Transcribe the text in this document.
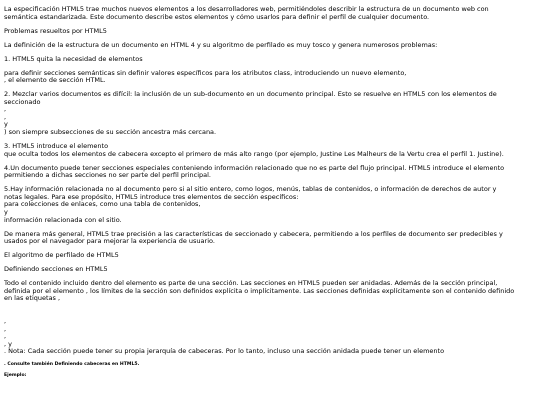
La especificación HTML5 trae muchos nuevos elementos a los desarrolladores web, permitiéndoles describir la estructura de un documento web con
semántica estandarizada. Este documento describe estos elementos y cómo usarlos para definir el perfil de cualquier documento.

Problemas resueltos por HTML5

La definición de la estructura de un documento en HTML 4 y su algoritmo de perfilado es muy tosco y genera numerosos problemas:

1. HTML5 quita la necesidad de elementos

para definir secciones semánticas sin definir valores específicos para los atributos class, introduciendo un nuevo elemento,
, el elemento de sección HTML.

2. Mezclar varios documentos es difícil: la inclusión de un sub-documento en un documento principal. Esto se resuelve en HTML5 con los elementos de
seccionado
,
,
y
) son siempre subsecciones de su sección ancestra más cercana.

3. HTML5 introduce el elemento
que oculta todos los elementos de cabecera excepto el primero de más alto rango (por ejemplo, Justine Les Malheurs de la Vertu crea el perfil 1. Justine).

4.Un documento puede tener secciones especiales conteniendo información relacionado que no es parte del flujo principal. HTML5 introduce el elemento
permitiendo a dichas secciones no ser parte del perfil principal.

5.Hay información relacionada no al documento pero si al sitio entero, como logos, menús, tablas de contenidos, o información de derechos de autor y
notas legales. Para ese propósito, HTML5 introduce tres elementos de sección específicos:
para colecciones de enlaces, como una tabla de contenidos,
y
información relacionada con el sitio.

De manera más general, HTML5 trae precisión a las características de seccionado y cabecera, permitiendo a los perfiles de documento ser predecibles y
usados por el navegador para mejorar la experiencia de usuario.

El algoritmo de perfilado de HTML5

Definiendo secciones en HTML5

Todo el contenido incluido dentro del elemento es parte de una sección. Las secciones en HTML5 pueden ser anidadas. Además de la sección principal,
definida por el elemento , los límites de la sección son definidos explícita o implícitamente. Las secciones definidas explícitamente son el contenido definido
en las etiquetas ,

,
,
,
, y
. Nota: Cada sección puede tener su propia jerarquía de cabeceras. Por lo tanto, incluso una sección anidada puede tener un elemento

. Consulte también Definiendo cabeceras en HTML5.

Ejemplo:
